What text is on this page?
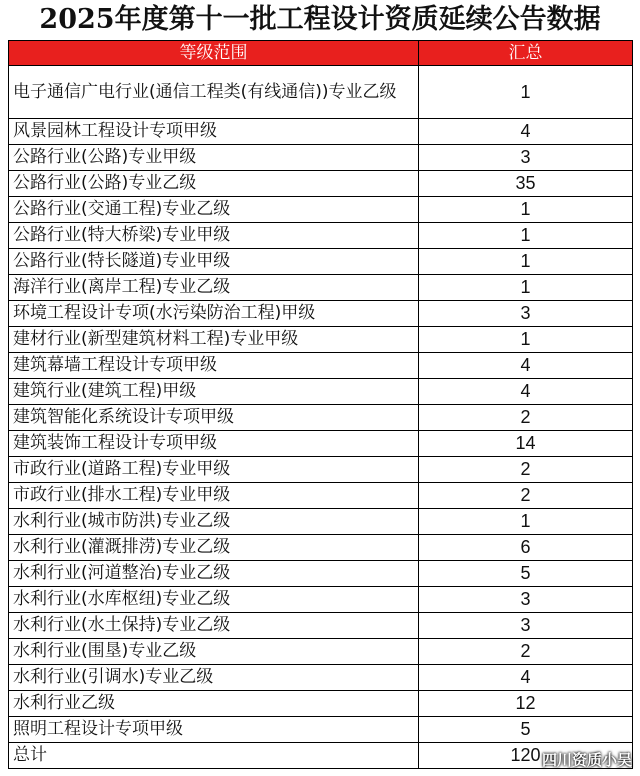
2025年度第十一批工程设计资质延续公告数据
等级范围	汇总
电子通信广电行业(通信工程类(有线通信))专业乙级	1
风景园林工程设计专项甲级	4
公路行业(公路)专业甲级	3
公路行业(公路)专业乙级	35
公路行业(交通工程)专业乙级	1
公路行业(特大桥梁)专业甲级	1
公路行业(特长隧道)专业甲级	1
海洋行业(离岸工程)专业乙级	1
环境工程设计专项(水污染防治工程)甲级	3
建材行业(新型建筑材料工程)专业甲级	1
建筑幕墙工程设计专项甲级	4
建筑行业(建筑工程)甲级	4
建筑智能化系统设计专项甲级	2
建筑装饰工程设计专项甲级	14
市政行业(道路工程)专业甲级	2
市政行业(排水工程)专业甲级	2
水利行业(城市防洪)专业乙级	1
水利行业(灌溉排涝)专业乙级	6
水利行业(河道整治)专业乙级	5
水利行业(水库枢纽)专业乙级	3
水利行业(水土保持)专业乙级	3
水利行业(围垦)专业乙级	2
水利行业(引调水)专业乙级	4
水利行业乙级	12
照明工程设计专项甲级	5
总计	120 四川资质小吴
